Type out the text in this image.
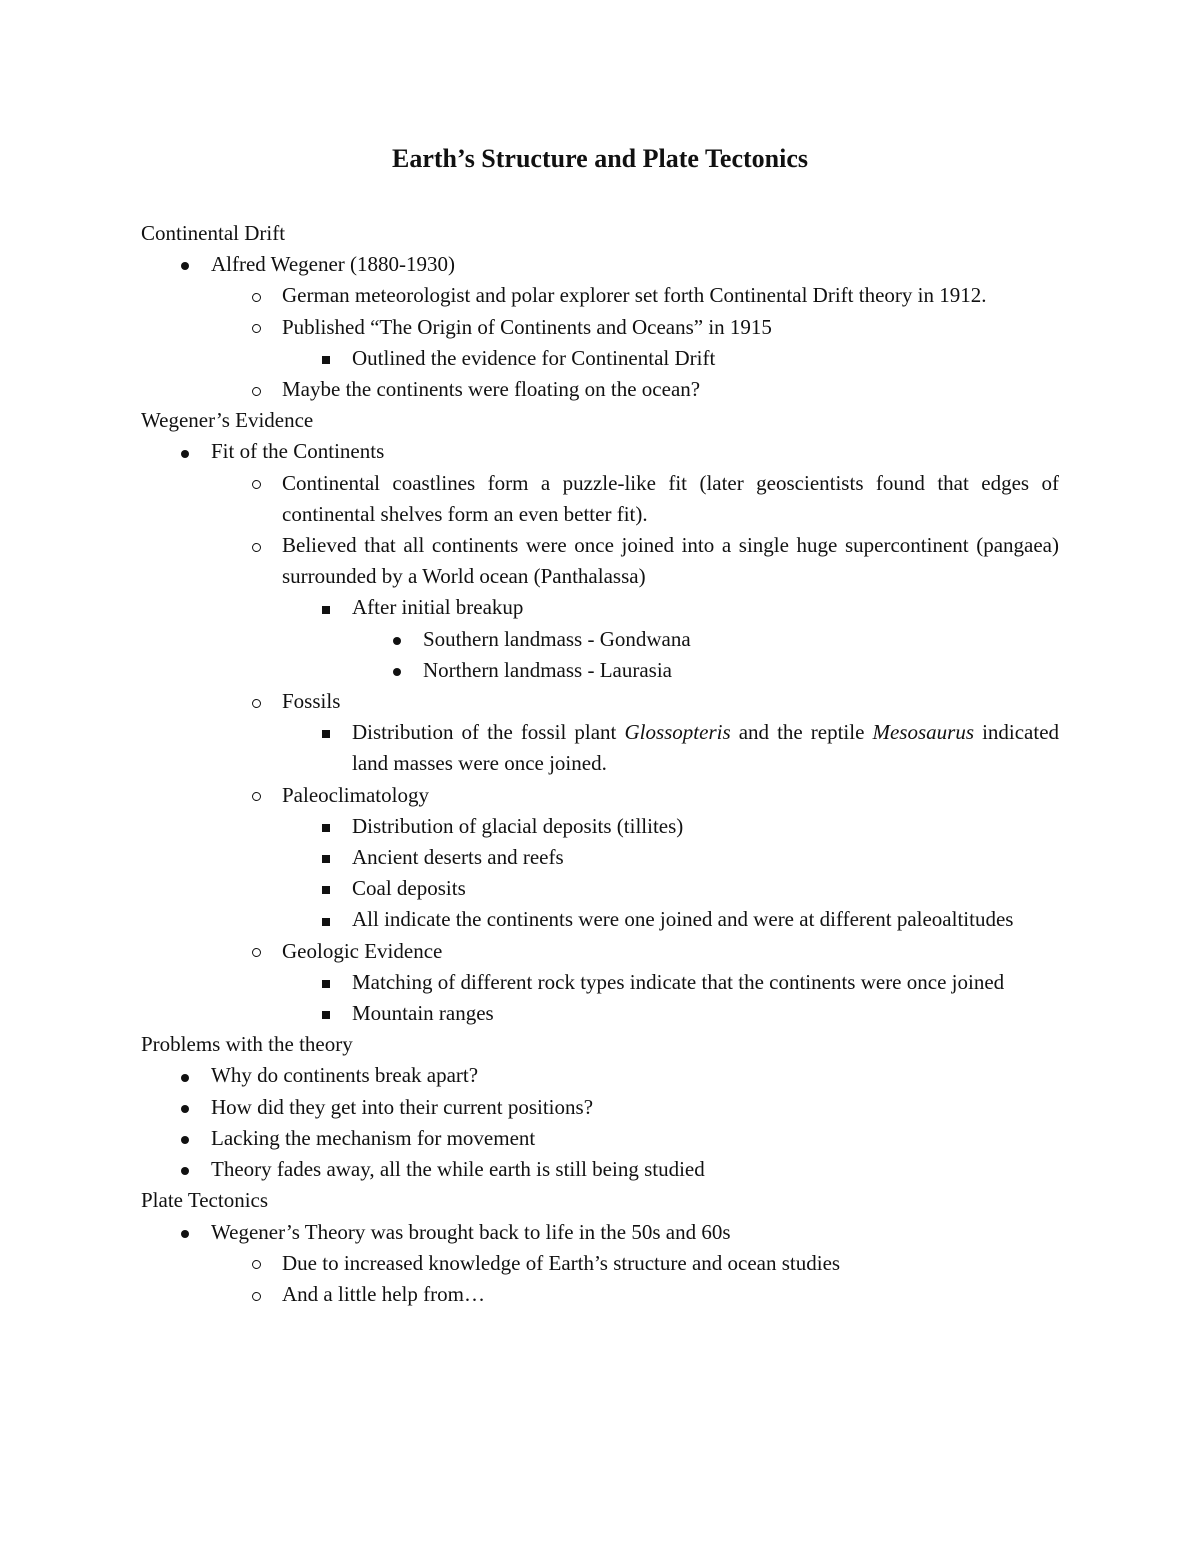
Earth’s Structure and Plate Tectonics
Continental Drift
Alfred Wegener (1880-1930)
German meteorologist and polar explorer set forth Continental Drift theory in 1912.
Published “The Origin of Continents and Oceans” in 1915
Outlined the evidence for Continental Drift
Maybe the continents were floating on the ocean?
Wegener’s Evidence
Fit of the Continents
Continental coastlines form a puzzle-like fit (later geoscientists found that edges of continental shelves form an even better fit).
Believed that all continents were once joined into a single huge supercontinent (pangaea) surrounded by a World ocean (Panthalassa)
After initial breakup
Southern landmass - Gondwana
Northern landmass - Laurasia
Fossils
Distribution of the fossil plant Glossopteris and the reptile Mesosaurus indicated land masses were once joined.
Paleoclimatology
Distribution of glacial deposits (tillites)
Ancient deserts and reefs
Coal deposits
All indicate the continents were one joined and were at different paleoaltitudes
Geologic Evidence
Matching of different rock types indicate that the continents were once joined
Mountain ranges
Problems with the theory
Why do continents break apart?
How did they get into their current positions?
Lacking the mechanism for movement
Theory fades away, all the while earth is still being studied
Plate Tectonics
Wegener’s Theory was brought back to life in the 50s and 60s
Due to increased knowledge of Earth’s structure and ocean studies
And a little help from…
